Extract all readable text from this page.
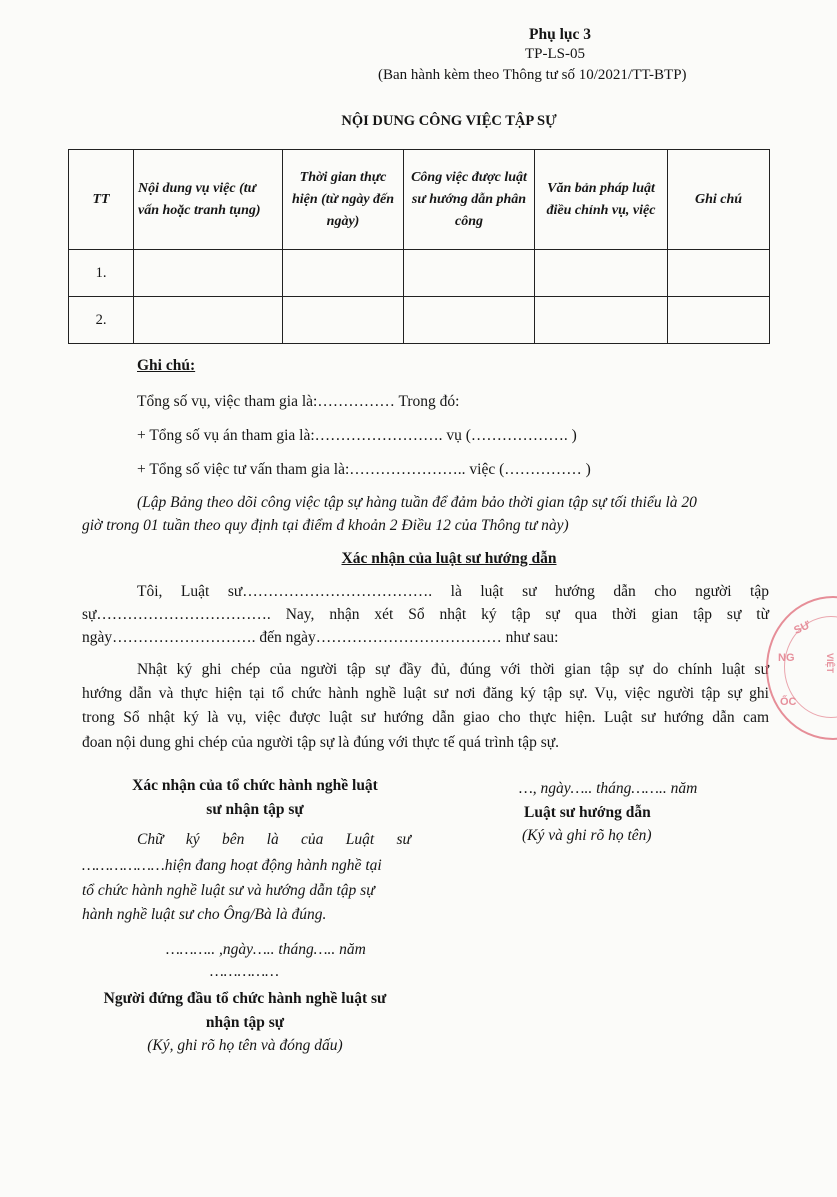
Phụ lục 3
TP-LS-05
(Ban hành kèm theo Thông tư số 10/2021/TT-BTP)
NỘI DUNG CÔNG VIỆC TẬP SỰ
TT	Nội dung vụ việc (tư vấn hoặc tranh tụng)	Thời gian thực hiện (từ ngày đến ngày)	Công việc được luật sư hướng dẫn phân công	Văn bản pháp luật điều chỉnh vụ, việc	Ghi chú
1.					
2.					
Ghi chú:
Tổng số vụ, việc tham gia là:…………… Trong đó:
+ Tổng số vụ án tham gia là:……………………. vụ (………………. )
+ Tổng số việc tư vấn tham gia là:………………….. việc (…………… )
(Lập Bảng theo dõi công việc tập sự hàng tuần để đảm bảo thời gian tập sự tối thiểu là 20
giờ trong 01 tuần theo quy định tại điểm đ khoản 2 Điều 12 của Thông tư này)
Xác nhận của luật sư hướng dẫn
Tôi, Luật sư………………………………. là luật sư hướng dẫn cho người tập
sự……………………………. Nay, nhận xét Sổ nhật ký tập sự qua thời gian tập sự từ
ngày………………………. đến ngày……………………………… như sau:
Nhật ký ghi chép của người tập sự đầy đủ, đúng với thời gian tập sự do chính luật sư
hướng dẫn và thực hiện tại tổ chức hành nghề luật sư nơi đăng ký tập sự. Vụ, việc người tập sự ghi
trong Sổ nhật ký là vụ, việc được luật sư hướng dẫn giao cho thực hiện. Luật sư hướng dẫn cam
đoan nội dung ghi chép của người tập sự là đúng với thực tế quá trình tập sự.
Xác nhận của tổ chức hành nghề luật
sư nhận tập sự
Chữ ký bên là của Luật sư
………………hiện đang hoạt động hành nghề tại
tổ chức hành nghề luật sư và hướng dẫn tập sự
hành nghề luật sư cho Ông/Bà là đúng.
……….. ,ngày….. tháng….. năm
……………
Người đứng đầu tổ chức hành nghề luật sư
nhận tập sự
(Ký, ghi rõ họ tên và đóng dấu)
…, ngày….. tháng…….. năm
Luật sư hướng dẫn
(Ký và ghi rõ họ tên)
SƯ
NG
ỐC
VIỆT
